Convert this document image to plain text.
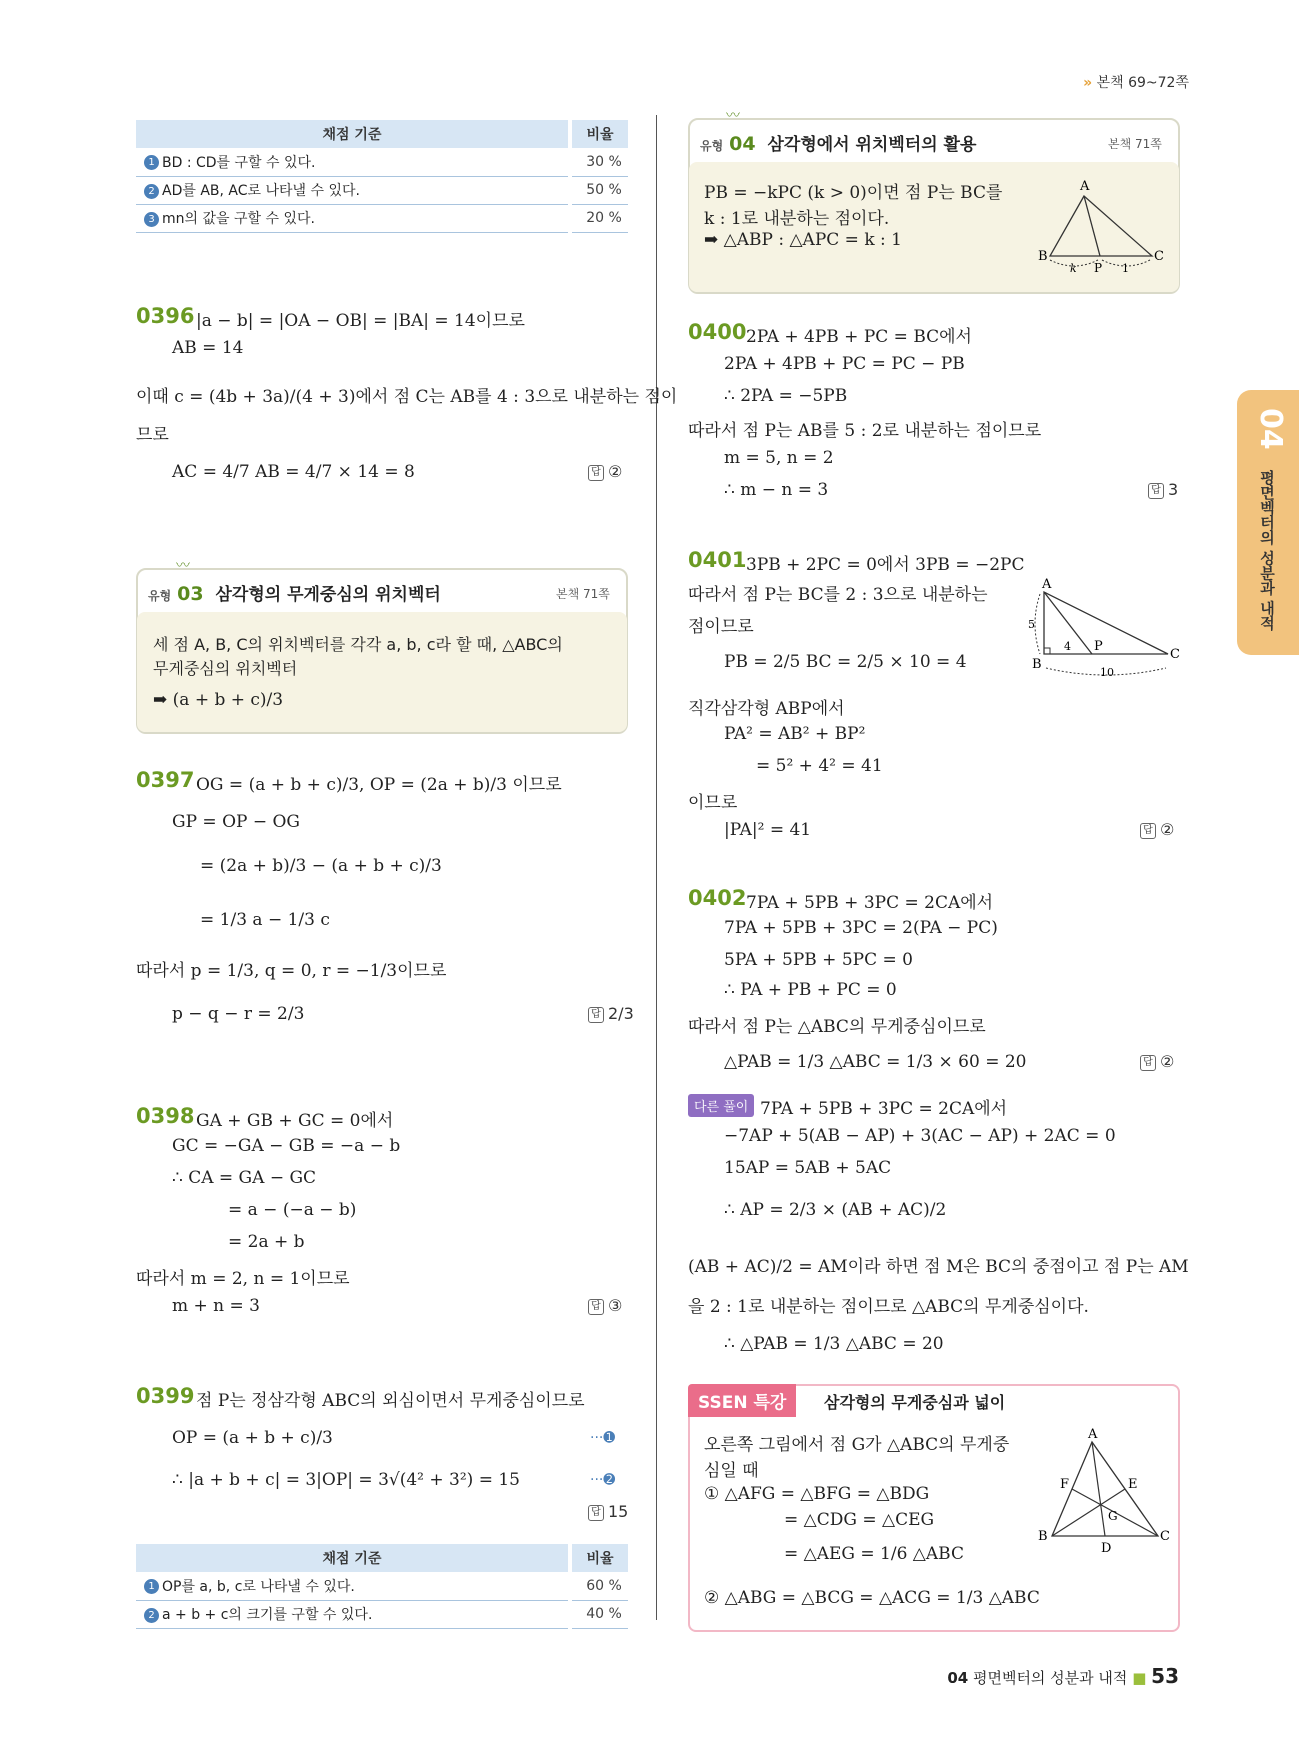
» 본책 69~72쪽
04
평면벡터의 성분과 내적
채점 기준	비율
1 BD : CD를 구할 수 있다.	30 %
2 AD를 AB, AC로 나타낼 수 있다.	50 %
3 mn의 값을 구할 수 있다.	20 %
0396 |a − b| = |OA − OB| = |BA| = 14이므로
AB = 14
이때 c = (4b + 3a)/(4 + 3)에서 점 C는 AB를 4 : 3으로 내분하는 점이
므로
AC = 4/7 AB = 4/7 × 14 = 8	답 ②
〰
유형 03 삼각형의 무게중심의 위치벡터	본책 71쪽
세 점 A, B, C의 위치벡터를 각각 a, b, c라 할 때, △ABC의
무게중심의 위치벡터
➡ (a + b + c)/3
0397 OG = (a + b + c)/3, OP = (2a + b)/3 이므로
GP = OP − OG
= (2a + b)/3 − (a + b + c)/3
= 1/3 a − 1/3 c
따라서 p = 1/3, q = 0, r = −1/3이므로
p − q − r = 2/3	답 2/3
0398 GA + GB + GC = 0에서
GC = −GA − GB = −a − b
∴ CA = GA − GC
= a − (−a − b)
= 2a + b
따라서 m = 2, n = 1이므로
m + n = 3	답 ③
0399 점 P는 정삼각형 ABC의 외심이면서 무게중심이므로
OP = (a + b + c)/3
∴ |a + b + c| = 3|OP| = 3√(4² + 3²) = 15
···➊
···➋
답 15
채점 기준	비율
1 OP를 a, b, c로 나타낼 수 있다.	60 %
2 a + b + c의 크기를 구할 수 있다.	40 %
〰
유형 04 삼각형에서 위치벡터의 활용	본책 71쪽
PB = −kPC (k > 0)이면 점 P는 BC를
k : 1로 내분하는 점이다.
➡ △ABP : △APC = k : 1
A
B	C
P
k	1
0400 2PA + 4PB + PC = BC에서
2PA + 4PB + PC = PC − PB
∴ 2PA = −5PB
따라서 점 P는 AB를 5 : 2로 내분하는 점이므로
m = 5, n = 2
∴ m − n = 3	답 3
0401 3PB + 2PC = 0에서 3PB = −2PC
따라서 점 P는 BC를 2 : 3으로 내분하는
점이므로
PB = 2/5 BC = 2/5 × 10 = 4
직각삼각형 ABP에서
PA² = AB² + BP²
= 5² + 4² = 41
이므로
|PA|² = 41	답 ②
A
B
C
P
5
4
10
0402 7PA + 5PB + 3PC = 2CA에서
7PA + 5PB + 3PC = 2(PA − PC)
5PA + 5PB + 5PC = 0
∴ PA + PB + PC = 0
따라서 점 P는 △ABC의 무게중심이므로
△PAB = 1/3 △ABC = 1/3 × 60 = 20	답 ②
다른 풀이 7PA + 5PB + 3PC = 2CA에서
−7AP + 5(AB − AP) + 3(AC − AP) + 2AC = 0
15AP = 5AB + 5AC
∴ AP = 2/3 × (AB + AC)/2
(AB + AC)/2 = AM이라 하면 점 M은 BC의 중점이고 점 P는 AM
을 2 : 1로 내분하는 점이므로 △ABC의 무게중심이다.
∴ △PAB = 1/3 △ABC = 20
SSEN 특강	삼각형의 무게중심과 넓이
오른쪽 그림에서 점 G가 △ABC의 무게중
심일 때
① △AFG = △BFG = △BDG
= △CDG = △CEG
= △AEG = 1/6 △ABC
② △ABG = △BCG = △ACG = 1/3 △ABC
A
B	C
D
E
F
G
04 평면벡터의 성분과 내적 ■ 53
